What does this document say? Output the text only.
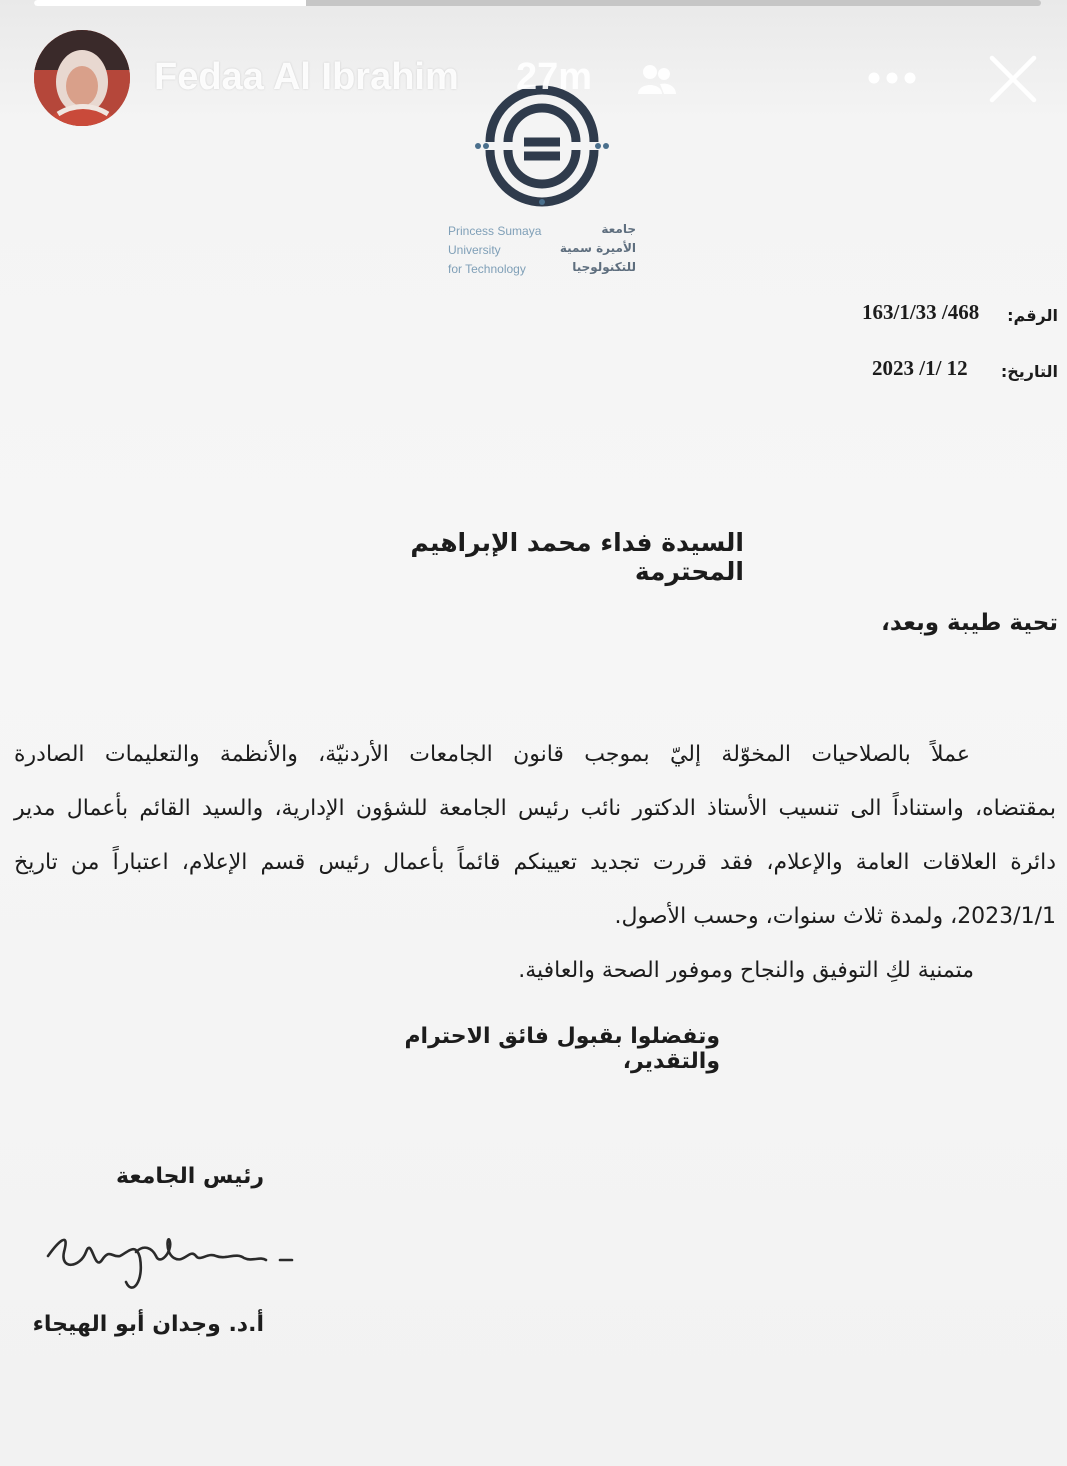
Princess Sumaya
University
for Technology
جامعة
الأميرة سمية
للتكنولوجيا
الرقم:
163/1/33 /468
التاريخ:
2023 /1/ 12
السيدة فداء محمد الإبراهيم المحترمة
تحية طيبة وبعد،
عملاً بالصلاحيات المخوّلة إليّ بموجب قانون الجامعات الأردنيّة، والأنظمة والتعليمات الصادرة
بمقتضاه، واستناداً الى تنسيب الأستاذ الدكتور نائب رئيس الجامعة للشؤون الإدارية، والسيد القائم بأعمال مدير
دائرة العلاقات العامة والإعلام، فقد قررت تجديد تعيينكم قائماً بأعمال رئيس قسم الإعلام، اعتباراً من تاريخ
2023/1/1، ولمدة ثلاث سنوات، وحسب الأصول.
متمنية لكِ التوفيق والنجاح وموفور الصحة والعافية.
وتفضلوا بقبول فائق الاحترام والتقدير،
رئيس الجامعة
أ.د. وجدان أبو الهيجاء
Fedaa Al Ibrahim 27m
